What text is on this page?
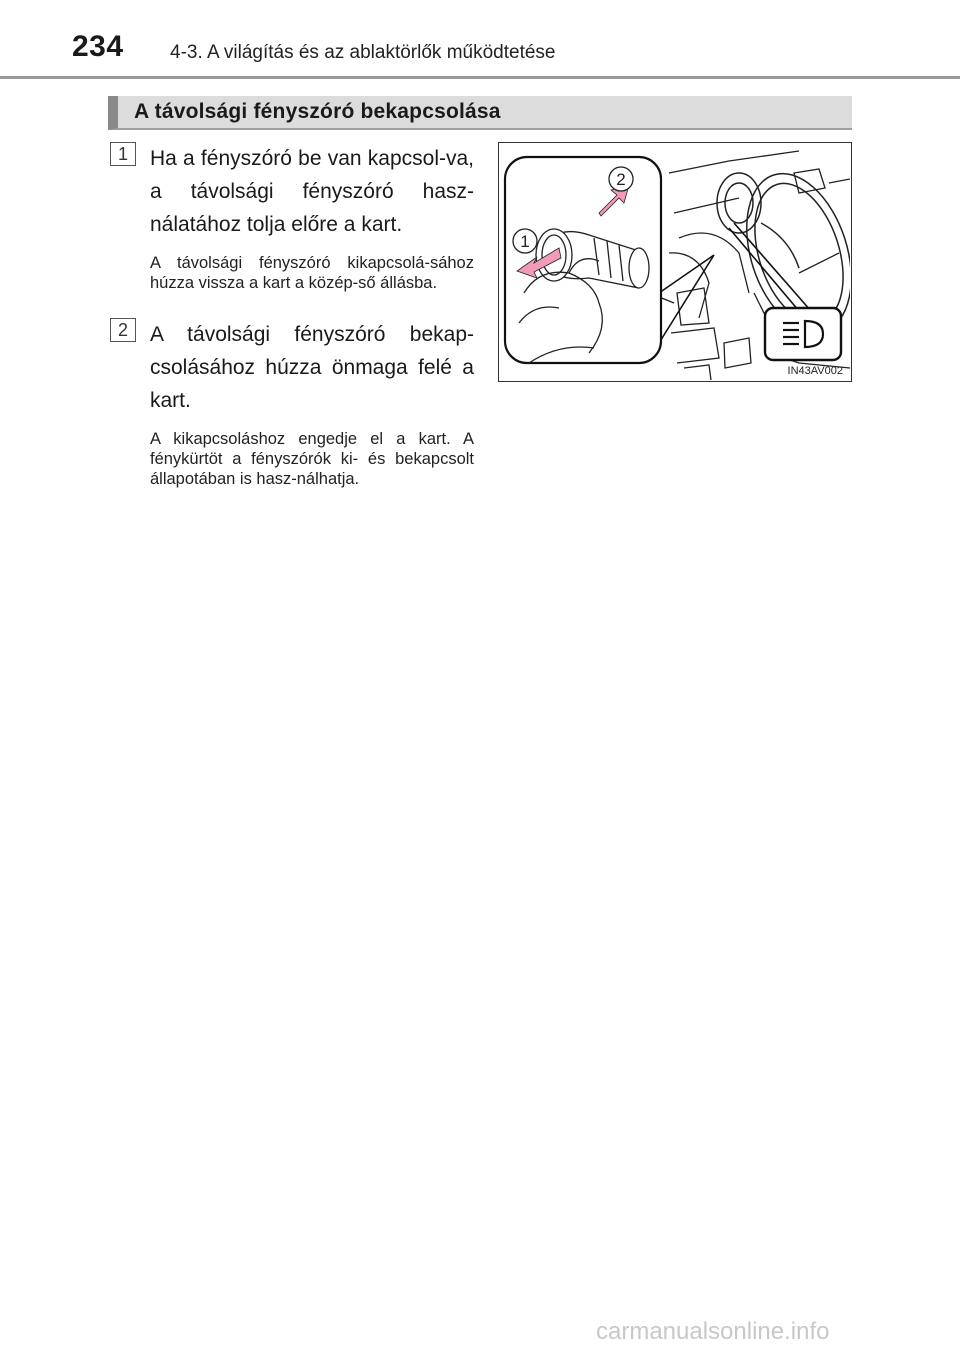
234 4-3. A világítás és az ablaktörlők működtetése
A távolsági fényszóró bekapcsolása
1	Ha a fényszóró be van kapcsol-va, a távolsági fényszóró hasz-nálatához tolja előre a kart.
A távolsági fényszóró kikapcsolá-sához húzza vissza a kart a közép-ső állásba.
2	A távolsági fényszóró bekap-csolásához húzza önmaga felé a kart.
A kikapcsoláshoz engedje el a kart. A fénykürtöt a fényszórók ki- és bekapcsolt állapotában is hasz-nálhatja.
2
1
IN43AV002
carmanualsonline.info
